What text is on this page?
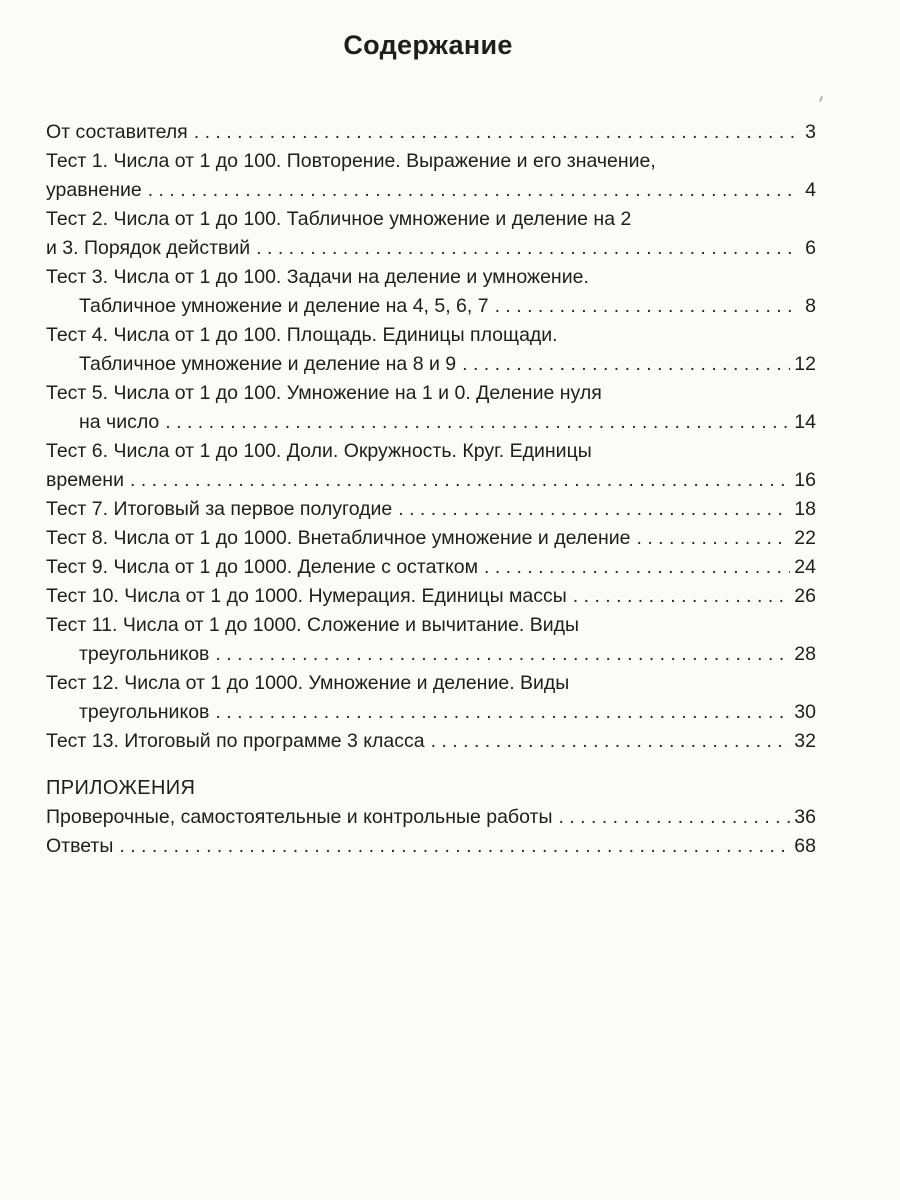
Содержание
От составителя . . .	3
Тест 1. Числа от 1 до 100. Повторение. Выражение и его значение,
уравнение . . .	4
Тест 2. Числа от 1 до 100. Табличное умножение и деление на 2
и 3. Порядок действий . . .	6
Тест 3. Числа от 1 до 100. Задачи на деление и умножение.
Табличное умножение и деление на 4, 5, 6, 7 . . .	8
Тест 4. Числа от 1 до 100. Площадь. Единицы площади.
Табличное умножение и деление на 8 и 9 . . .	12
Тест 5. Числа от 1 до 100. Умножение на 1 и 0. Деление нуля
на число . . .	14
Тест 6. Числа от 1 до 100. Доли. Окружность. Круг. Единицы
времени . . .	16
Тест 7. Итоговый за первое полугодие . . .	18
Тест 8. Числа от 1 до 1000. Внетабличное умножение и деление . . .	22
Тест 9. Числа от 1 до 1000. Деление с остатком . . .	24
Тест 10. Числа от 1 до 1000. Нумерация. Единицы массы . . .	26
Тест 11. Числа от 1 до 1000. Сложение и вычитание. Виды
треугольников . . .	28
Тест 12. Числа от 1 до 1000. Умножение и деление. Виды
треугольников . . .	30
Тест 13. Итоговый по программе 3 класса . . .	32
ПРИЛОЖЕНИЯ
Проверочные, самостоятельные и контрольные работы . . .	36
Ответы . . .	68
